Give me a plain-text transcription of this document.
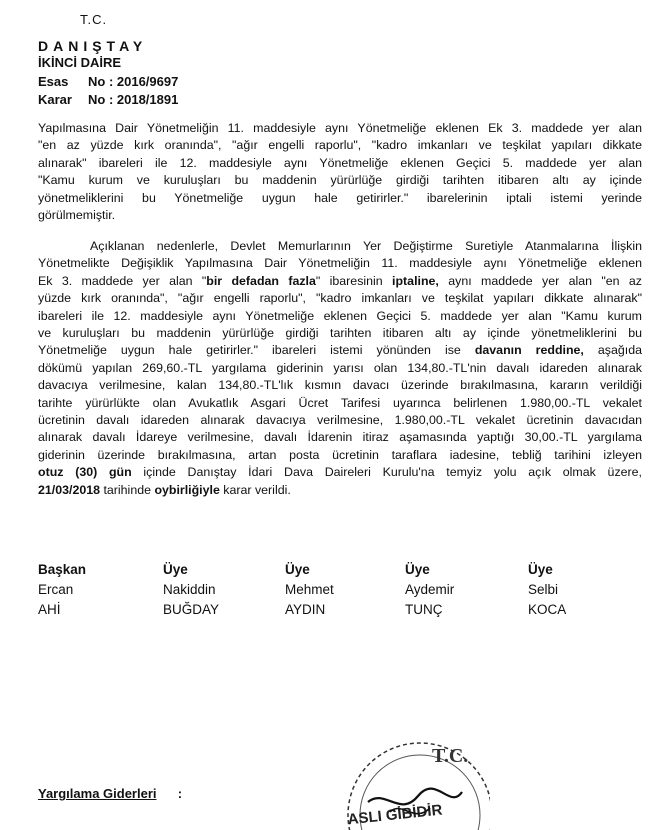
T.C.
DANIŞTAY
İKİNCİ DAİRE
Esas No : 2016/9697
Karar No : 2018/1891
Yapılmasına Dair Yönetmeliğin 11. maddesiyle aynı Yönetmeliğe eklenen Ek 3. maddede yer alan
"en az yüzde kırk oranında", "ağır engelli raporlu", "kadro imkanları ve teşkilat yapıları dikkate
alınarak" ibareleri ile 12. maddesiyle aynı Yönetmeliğe eklenen Geçici 5. maddede yer alan
"Kamu kurum ve kuruluşları bu maddenin yürürlüğe girdiği tarihten itibaren altı ay içinde
yönetmeliklerini bu Yönetmeliğe uygun hale getirirler." ibarelerinin iptali istemi yerinde
görülmemiştir.
Açıklanan nedenlerle, Devlet Memurlarının Yer Değiştirme Suretiyle Atanmalarına İlişkin
Yönetmelikte Değişiklik Yapılmasına Dair Yönetmeliğin 11. maddesiyle aynı Yönetmeliğe eklenen
Ek 3. maddede yer alan "bir defadan fazla" ibaresinin iptaline, aynı maddede yer alan "en az
yüzde kırk oranında", "ağır engelli raporlu", "kadro imkanları ve teşkilat yapıları dikkate alınarak"
ibareleri ile 12. maddesiyle aynı Yönetmeliğe eklenen Geçici 5. maddede yer alan "Kamu kurum
ve kuruluşları bu maddenin yürürlüğe girdiği tarihten itibaren altı ay içinde yönetmeliklerini bu
Yönetmeliğe uygun hale getirirler." ibareleri istemi yönünden ise davanın reddine, aşağıda
dökümü yapılan 269,60.-TL yargılama giderinin yarısı olan 134,80.-TL'nin davalı idareden alınarak
davacıya verilmesine, kalan 134,80.-TL'lık kısmın davacı üzerinde bırakılmasına, kararın verildiği
tarihte yürürlükte olan Avukatlık Asgari Ücret Tarifesi uyarınca belirlenen 1.980,00.-TL vekalet
ücretinin davalı idareden alınarak davacıya verilmesine, 1.980,00.-TL vekalet ücretinin davacıdan
alınarak davalı İdareye verilmesine, davalı İdarenin itiraz aşamasında yaptığı 30,00.-TL yargılama
giderinin üzerinde bırakılmasına, artan posta ücretinin taraflara iadesine, tebliğ tarihini izleyen
otuz (30) gün içinde Danıştay İdari Dava Daireleri Kurulu'na temyiz yolu açık olmak üzere,
21/03/2018 tarihinde oybirliğiyle karar verildi.
Başkan
Ercan
AHİ
Üye
Nakiddin
BUĞDAY
Üye
Mehmet
AYDIN
Üye
Aydemir
TUNÇ
Üye
Selbi
KOCA
T.C.
ASLI GİBİDİR
Yargılama Giderleri :
